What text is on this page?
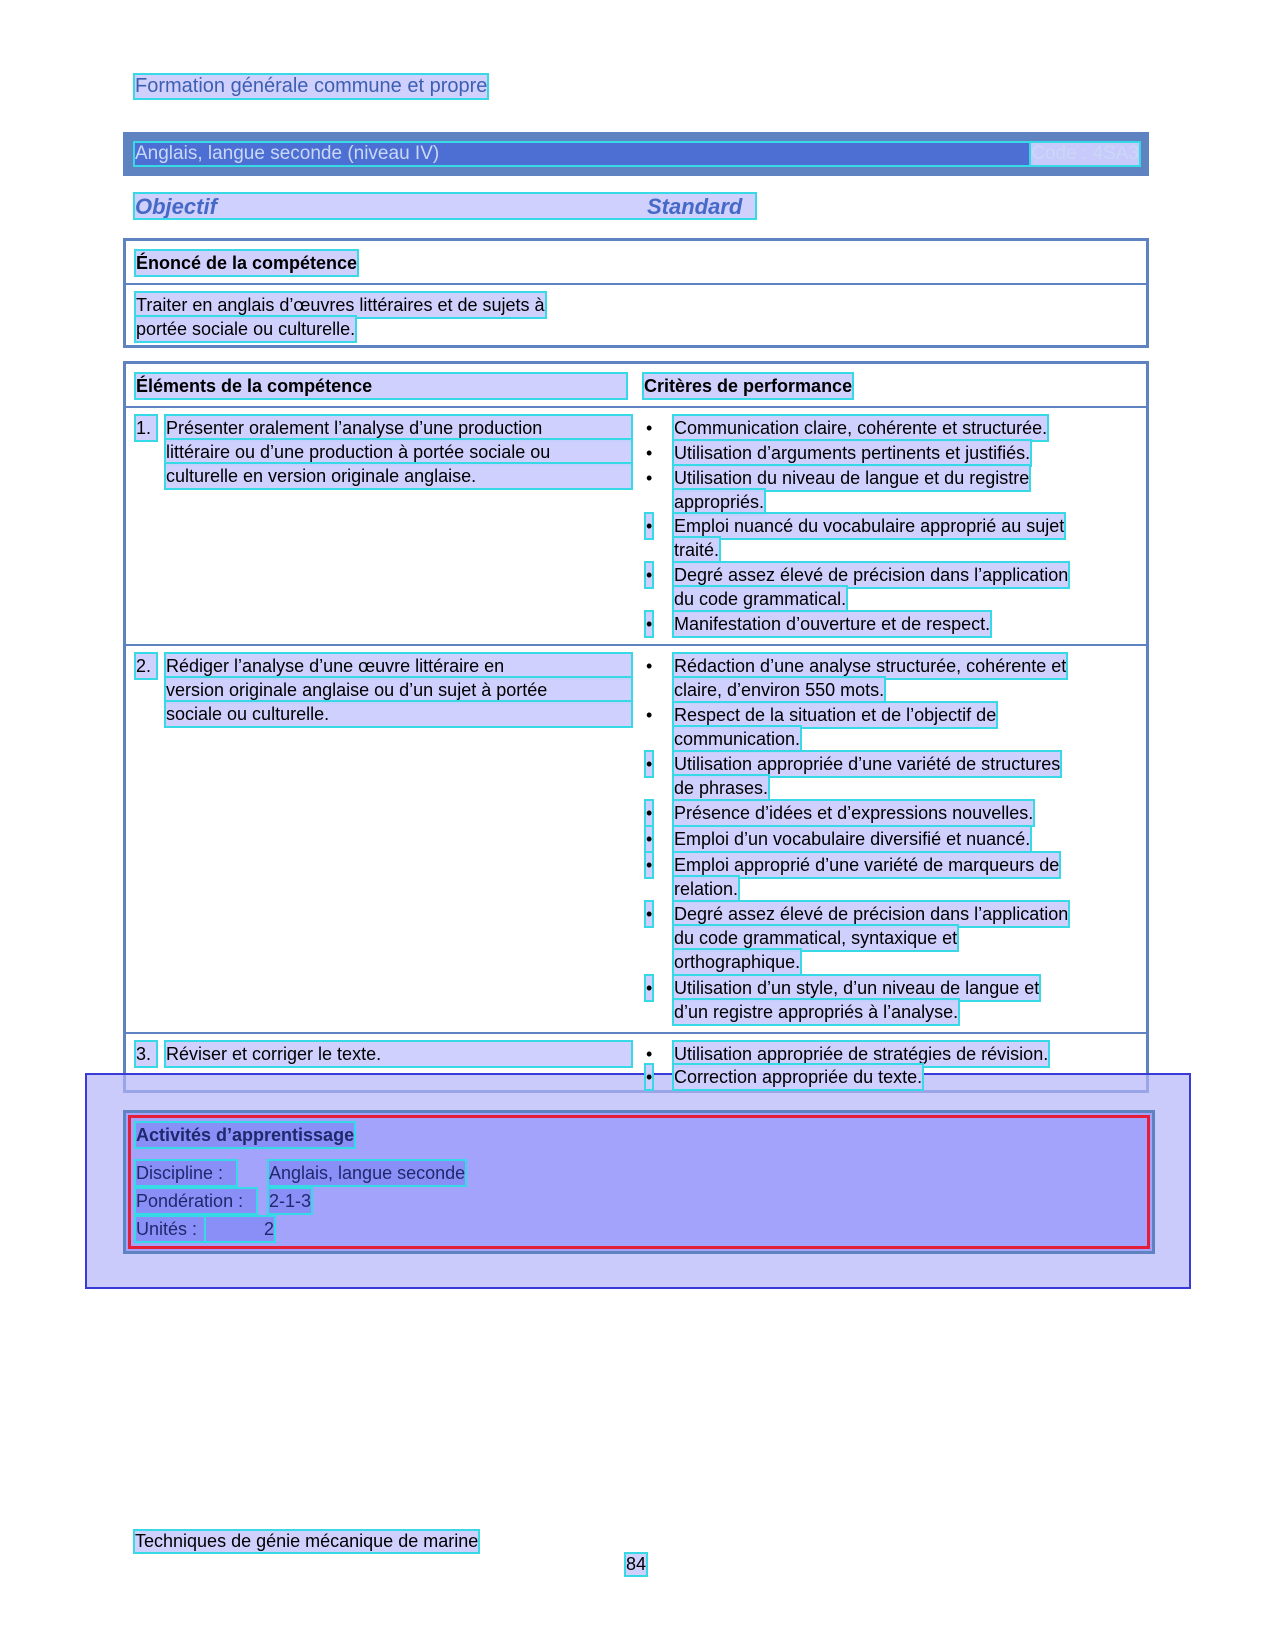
Formation générale commune et propre
Anglais, langue seconde (niveau IV)	Code : 4SA3
Objectif	Standard
Énoncé de la compétence
Traiter en anglais d’œuvres littéraires et de sujets à
portée sociale ou culturelle.
Éléments de la compétence	Critères de performance
1. Présenter oralement l’analyse d’une production
littéraire ou d’une production à portée sociale ou
culturelle en version originale anglaise.
• Communication claire, cohérente et structurée.
• Utilisation d’arguments pertinents et justifiés.
• Utilisation du niveau de langue et du registre
appropriés.
• Emploi nuancé du vocabulaire approprié au sujet
traité.
• Degré assez élevé de précision dans l’application
du code grammatical.
• Manifestation d’ouverture et de respect.
2. Rédiger l’analyse d’une œuvre littéraire en
version originale anglaise ou d’un sujet à portée
sociale ou culturelle.
• Rédaction d’une analyse structurée, cohérente et
claire, d’environ 550 mots.
• Respect de la situation et de l’objectif de
communication.
• Utilisation appropriée d’une variété de structures
de phrases.
• Présence d’idées et d’expressions nouvelles.
• Emploi d’un vocabulaire diversifié et nuancé.
• Emploi approprié d’une variété de marqueurs de
relation.
• Degré assez élevé de précision dans l’application
du code grammatical, syntaxique et
orthographique.
• Utilisation d’un style, d’un niveau de langue et
d’un registre appropriés à l’analyse.
3. Réviser et corriger le texte.	• Utilisation appropriée de stratégies de révision.
• Correction appropriée du texte.
Activités d’apprentissage
Discipline :	Anglais, langue seconde
Pondération :	2-1-3
Unités :	2
Techniques de génie mécanique de marine
84
